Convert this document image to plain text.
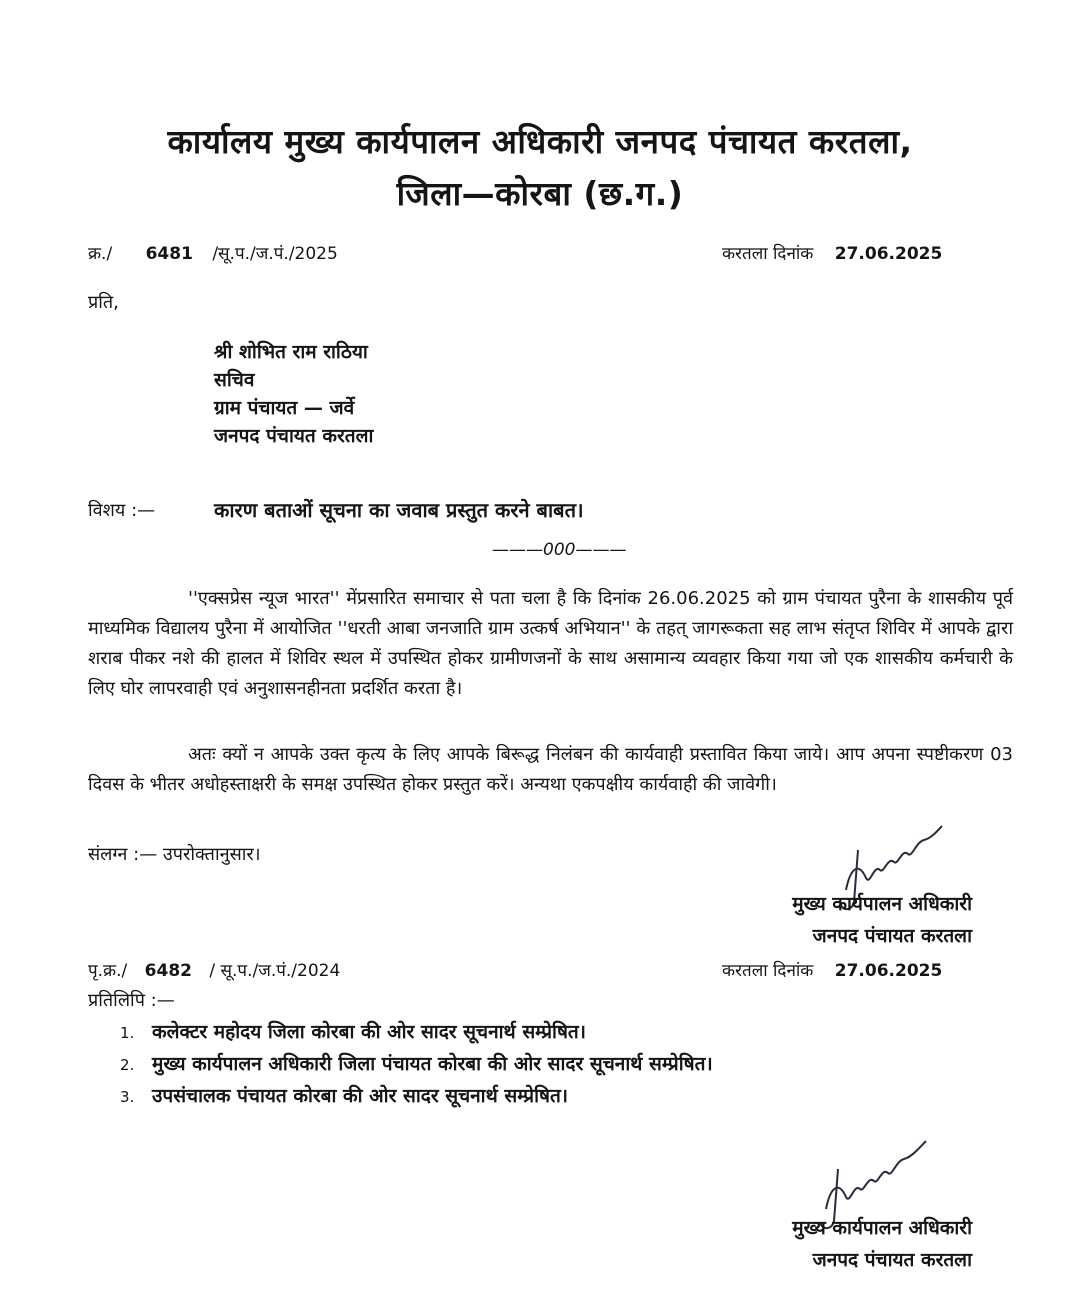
कार्यालय मुख्य कार्यपालन अधिकारी जनपद पंचायत करतला,
जिला—कोरबा (छ.ग.)
क्र./ 6481 /सू.प./ज.पं./2025	करतला दिनांक 27.06.2025
प्रति,
श्री शोभित राम राठिया
सचिव
ग्राम पंचायत — जर्वे
जनपद पंचायत करतला
विशय :—	कारण बताओं सूचना का जवाब प्रस्तुत करने बाबत।
———000———
''एक्सप्रेस न्यूज भारत'' मेंप्रसारित समाचार से पता चला है कि दिनांक 26.06.2025 को ग्राम पंचायत पुरैना के शासकीय पूर्व माध्यमिक विद्यालय पुरैना में आयोजित ''धरती आबा जनजाति ग्राम उत्कर्ष अभियान'' के तहत् जागरूकता सह लाभ संतृप्त शिविर में आपके द्वारा शराब पीकर नशे की हालत में शिविर स्थल में उपस्थित होकर ग्रामीणजनों के साथ असामान्य व्यवहार किया गया जो एक शासकीय कर्मचारी के लिए घोर लापरवाही एवं अनुशासनहीनता प्रदर्शित करता है।
अतः क्यों न आपके उक्त कृत्य के लिए आपके बिरूद्ध निलंबन की कार्यवाही प्रस्तावित किया जाये। आप अपना स्पष्टीकरण 03 दिवस के भीतर अधोहस्ताक्षरी के समक्ष उपस्थित होकर प्रस्तुत करें। अन्यथा एकपक्षीय कार्यवाही की जावेगी।
संलग्न :— उपरोक्तानुसार।
मुख्य कार्यपालन अधिकारी
जनपद पंचायत करतला
पृ.क्र./ 6482 / सू.प./ज.पं./2024	करतला दिनांक 27.06.2025
प्रतिलिपि :—
1. कलेक्टर महोदय जिला कोरबा की ओर सादर सूचनार्थ सम्प्रेषित।
2. मुख्य कार्यपालन अधिकारी जिला पंचायत कोरबा की ओर सादर सूचनार्थ सम्प्रेषित।
3. उपसंचालक पंचायत कोरबा की ओर सादर सूचनार्थ सम्प्रेषित।
मुख्य कार्यपालन अधिकारी
जनपद पंचायत करतला
